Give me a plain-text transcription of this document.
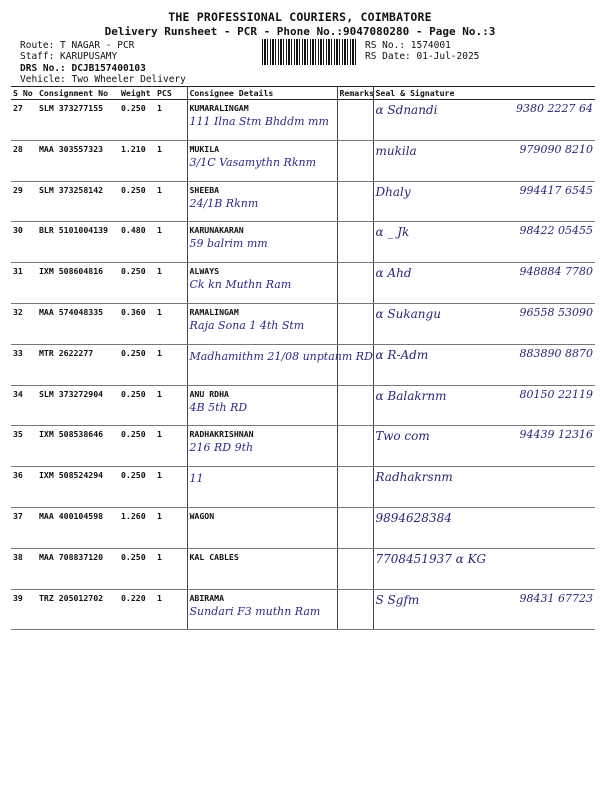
THE PROFESSIONAL COURIERS, COIMBATORE
Delivery Runsheet - PCR - Phone No.:9047080280 - Page No.:3
Route: T NAGAR - PCR
Staff: KARUPUSAMY
DRS No.: DCJB157400103
Vehicle: Two Wheeler Delivery
RS No.: 1574001
RS Date: 01-Jul-2025
S No	Consignment No	Weight	PCS	Consignee Details	Remarks	Seal & Signature
27	SLM 373277155	0.250	1	KUMARALINGAM
111 Ilna Stm Bhddm mm		9380 2227 64
ɑ Sdnandi
28	MAA 303557323	1.210	1	MUKILA
3/1C Vasamythn Rknm		979090 8210
mukila
29	SLM 373258142	0.250	1	SHEEBA
24/1B Rknm		994417 6545
Dhaly
30	BLR 5101004139	0.480	1	KARUNAKARAN
59 balrim mm		98422 05455
ɑ _ Jk
31	IXM 508604816	0.250	1	ALWAYS
Ck kn Muthn Ram		948884 7780
ɑ Ahd
32	MAA 574048335	0.360	1	RAMALINGAM
Raja Sona 1 4th Stm		96558 53090
ɑ Sukangu
33	MTR 2622277	0.250	1	Madhamithm 21/08 unptanm RD		883890 8870
ɑ R-Adm
34	SLM 373272904	0.250	1	ANU RDHA
4B 5th RD		80150 22119
ɑ Balakrnm
35	IXM 508538646	0.250	1	RADHAKRISHNAN
216 RD 9th		94439 12316
Two com
36	IXM 508524294	0.250	1	11		Radhakrsnm
37	MAA 400104598	1.260	1	WAGON		9894628384
38	MAA 708837120	0.250	1	KAL CABLES		7708451937 ɑ KG
39	TRZ 205012702	0.220	1	ABIRAMA
Sundari F3 muthn Ram		98431 67723
S Sgfm
